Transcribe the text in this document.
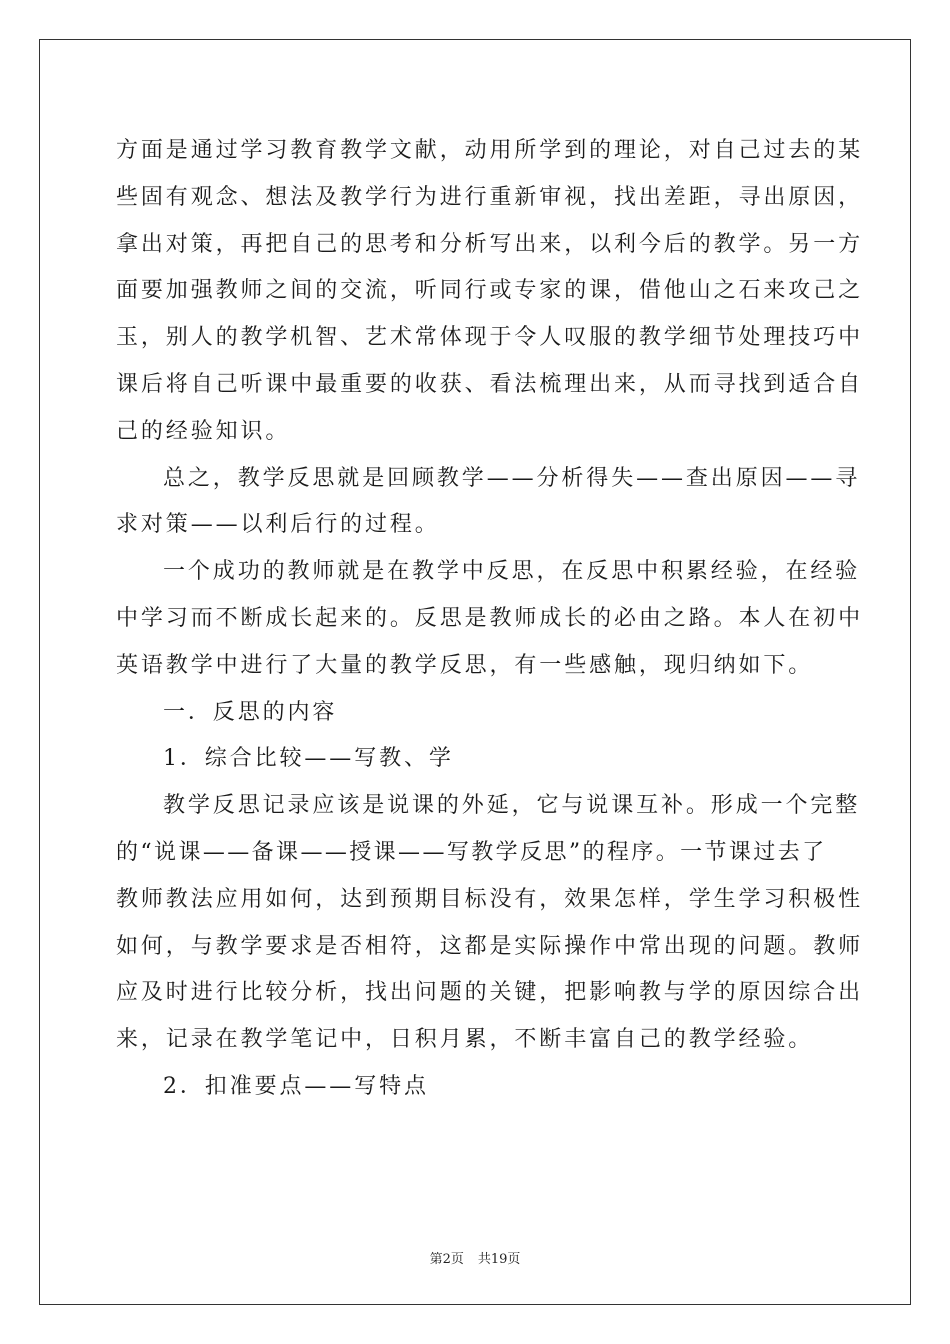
方面是通过学习教育教学文献，动用所学到的理论，对自己过去的某
些固有观念、想法及教学行为进行重新审视，找出差距，寻出原因，
拿出对策，再把自己的思考和分析写出来，以利今后的教学。另一方
面要加强教师之间的交流，听同行或专家的课，借他山之石来攻己之
玉，别人的教学机智、艺术常体现于令人叹服的教学细节处理技巧中
课后将自己听课中最重要的收获、看法梳理出来，从而寻找到适合自
己的经验知识。
总之，教学反思就是回顾教学——分析得失——查出原因——寻
求对策——以利后行的过程。
一个成功的教师就是在教学中反思，在反思中积累经验，在经验
中学习而不断成长起来的。反思是教师成长的必由之路。本人在初中
英语教学中进行了大量的教学反思，有一些感触，现归纳如下。
一．反思的内容
1．综合比较——写教、学
教学反思记录应该是说课的外延，它与说课互补。形成一个完整
的“说课——备课——授课——写教学反思”的程序。一节课过去了
教师教法应用如何，达到预期目标没有，效果怎样，学生学习积极性
如何，与教学要求是否相符，这都是实际操作中常出现的问题。教师
应及时进行比较分析，找出问题的关键，把影响教与学的原因综合出
来，记录在教学笔记中，日积月累，不断丰富自己的教学经验。
2．扣准要点——写特点
第2页 共19页
